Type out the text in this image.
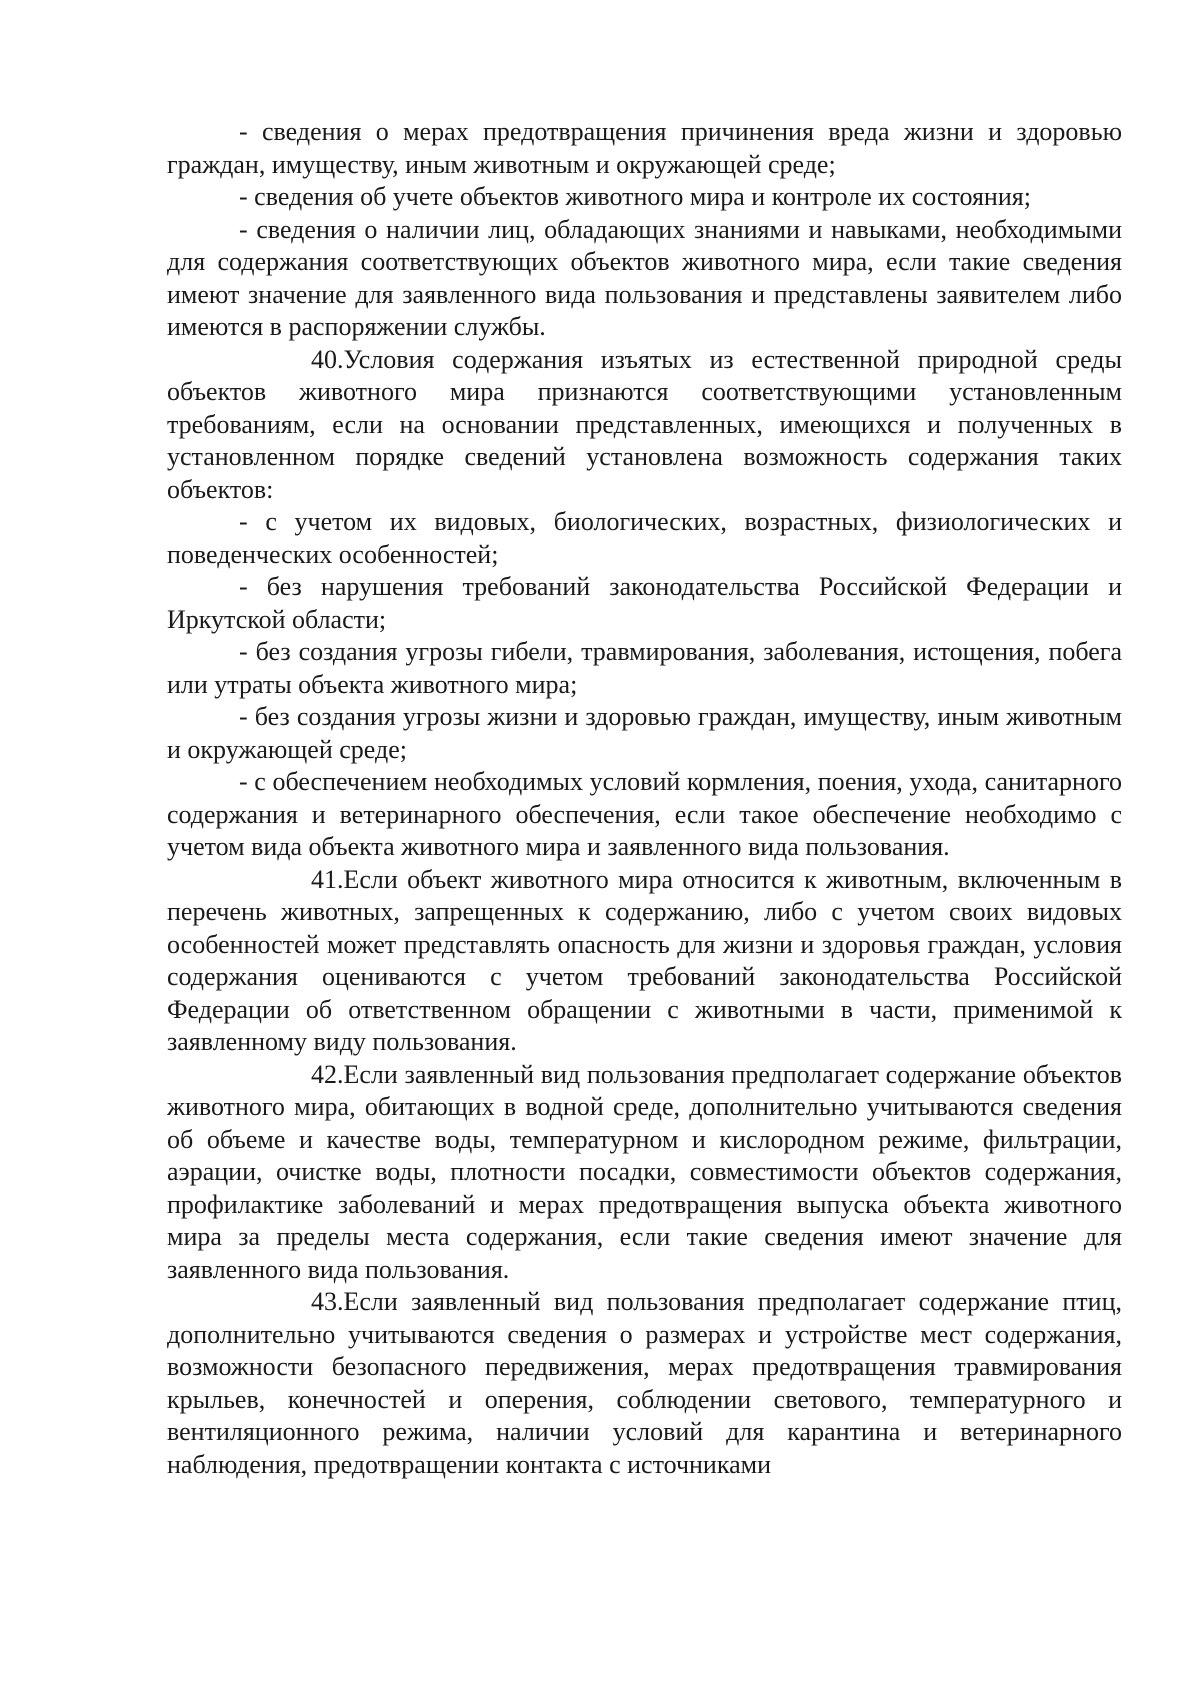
- сведения о мерах предотвращения причинения вреда жизни и здоровью граждан, имуществу, иным животным и окружающей среде;

- сведения об учете объектов животного мира и контроле их состояния;

- сведения о наличии лиц, обладающих знаниями и навыками, необходимыми для содержания соответствующих объектов животного мира, если такие сведения имеют значение для заявленного вида пользования и представлены заявителем либо имеются в распоряжении службы.

40.Условия содержания изъятых из естественной природной среды объектов животного мира признаются соответствующими установленным требованиям, если на основании представленных, имеющихся и полученных в установленном порядке сведений установлена возможность содержания таких объектов:

- с учетом их видовых, биологических, возрастных, физиологических и поведенческих особенностей;

- без нарушения требований законодательства Российской Федерации и Иркутской области;

- без создания угрозы гибели, травмирования, заболевания, истощения, побега или утраты объекта животного мира;

- без создания угрозы жизни и здоровью граждан, имуществу, иным животным и окружающей среде;

- с обеспечением необходимых условий кормления, поения, ухода, санитарного содержания и ветеринарного обеспечения, если такое обеспечение необходимо с учетом вида объекта животного мира и заявленного вида пользования.

41.Если объект животного мира относится к животным, включенным в перечень животных, запрещенных к содержанию, либо с учетом своих видовых особенностей может представлять опасность для жизни и здоровья граждан, условия содержания оцениваются с учетом требований законодательства Российской Федерации об ответственном обращении с животными в части, применимой к заявленному виду пользования.

42.Если заявленный вид пользования предполагает содержание объектов животного мира, обитающих в водной среде, дополнительно учитываются сведения об объеме и качестве воды, температурном и кислородном режиме, фильтрации, аэрации, очистке воды, плотности посадки, совместимости объектов содержания, профилактике заболеваний и мерах предотвращения выпуска объекта животного мира за пределы места содержания, если такие сведения имеют значение для заявленного вида пользования.

43.Если заявленный вид пользования предполагает содержание птиц, дополнительно учитываются сведения о размерах и устройстве мест содержания, возможности безопасного передвижения, мерах предотвращения травмирования крыльев, конечностей и оперения, соблюдении светового, температурного и вентиляционного режима, наличии условий для карантина и ветеринарного наблюдения, предотвращении контакта с источниками
